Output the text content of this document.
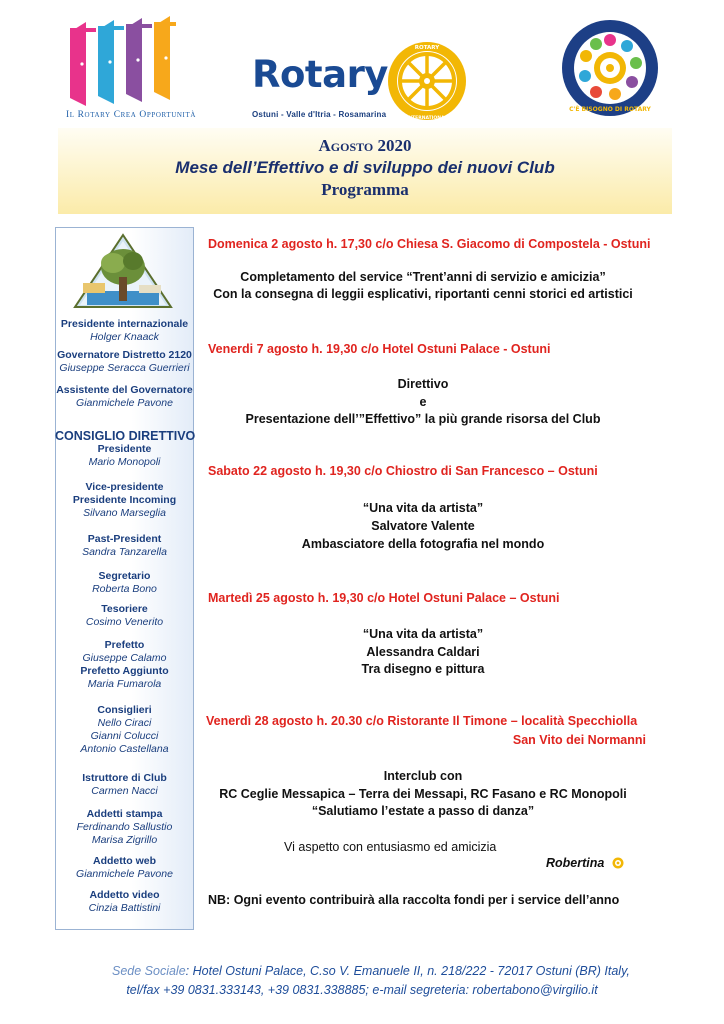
Il Rotary Crea Opportunità
Rotary
ROTARY
INTERNATIONAL
Ostuni - Valle d'Itria - Rosamarina
C'È BISOGNO DI ROTARY
Agosto 2020
Mese dell’Effettivo e di sviluppo dei nuovi Club
Programma
Presidente internazionale
Holger Knaack
Governatore Distretto 2120
Giuseppe Seracca Guerrieri
Assistente del Governatore
Gianmichele Pavone
CONSIGLIO DIRETTIVO
Presidente
Mario Monopoli
Vice-presidente
Presidente Incoming
Silvano Marseglia
Past-President
Sandra Tanzarella
Segretario
Roberta Bono
Tesoriere
Cosimo Venerito
Prefetto
Giuseppe Calamo
Prefetto Aggiunto
Maria Fumarola
Consiglieri
Nello Ciraci
Gianni Colucci
Antonio Castellana
Istruttore di Club
Carmen Nacci
Addetti stampa
Ferdinando Sallustio
Marisa Zigrillo
Addetto web
Gianmichele Pavone
Addetto video
Cinzia Battistini
Domenica 2 agosto h. 17,30 c/o Chiesa S. Giacomo di Compostela - Ostuni
Completamento del service “Trent’anni di servizio e amicizia”
Con la consegna di leggii esplicativi, riportanti cenni storici ed artistici
Venerdi 7 agosto h. 19,30 c/o Hotel Ostuni Palace - Ostuni
Direttivo
e
Presentazione dell’”Effettivo” la più grande risorsa del Club
Sabato 22 agosto h. 19,30 c/o Chiostro di San Francesco – Ostuni
“Una vita da artista”
Salvatore Valente
Ambasciatore della fotografia nel mondo
Martedì 25 agosto h. 19,30 c/o Hotel Ostuni Palace – Ostuni
“Una vita da artista”
Alessandra Caldari
Tra disegno e pittura
Venerdì 28 agosto h. 20.30 c/o Ristorante Il Timone – località Specchiolla
San Vito dei Normanni
Interclub con
RC Ceglie Messapica – Terra dei Messapi, RC Fasano e RC Monopoli
“Salutiamo l’estate a passo di danza”
Vi aspetto con entusiasmo ed amicizia
Robertina
NB: Ogni evento contribuirà alla raccolta fondi per i service dell’anno
Sede Sociale: Hotel Ostuni Palace, C.so V. Emanuele II, n. 218/222 - 72017 Ostuni (BR) Italy,
tel/fax +39 0831.333143, +39 0831.338885; e-mail segreteria: robertabono@virgilio.it
